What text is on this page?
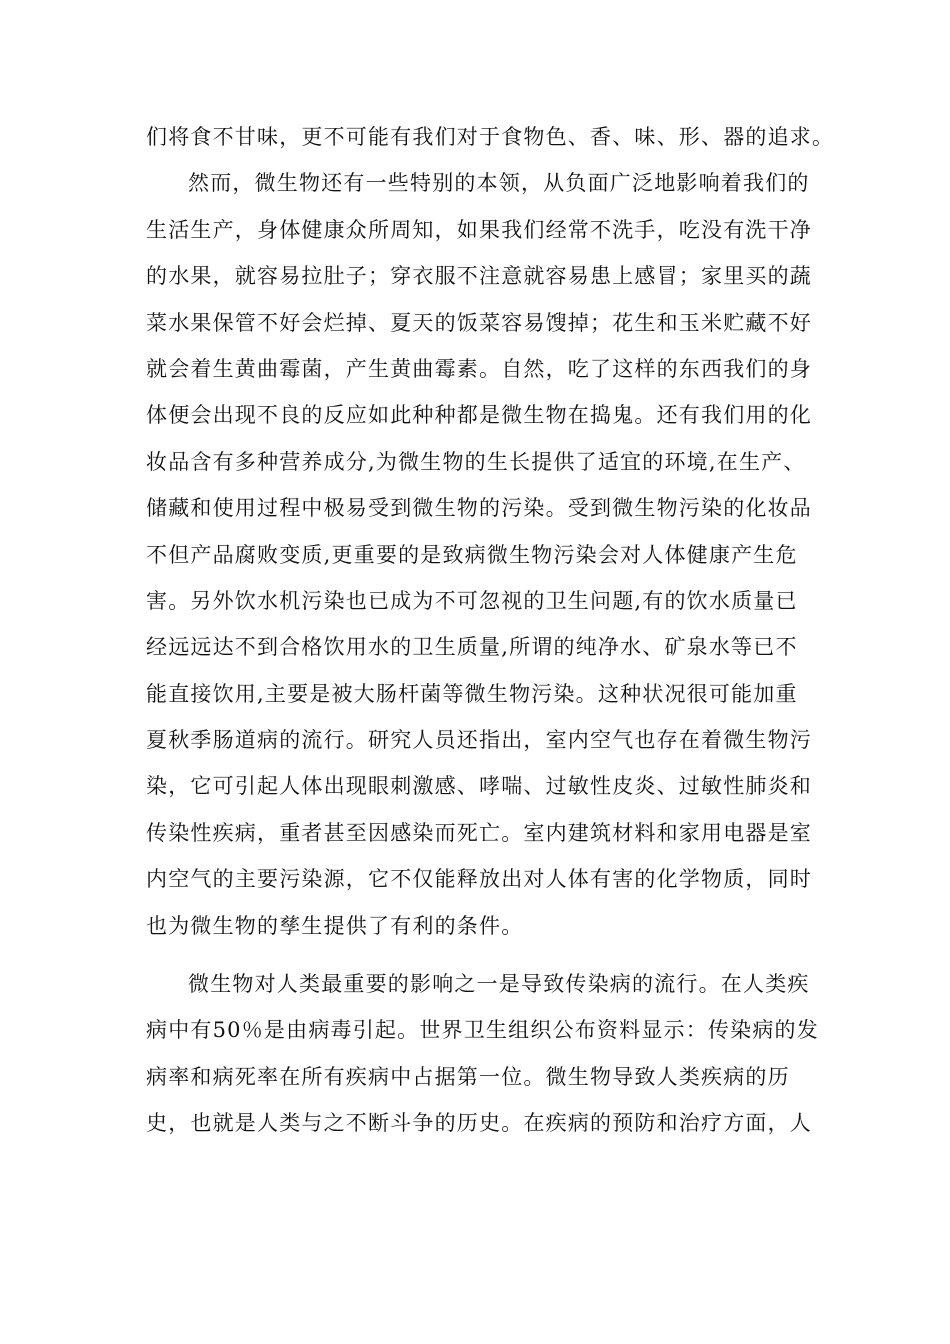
们将食不甘味，更不可能有我们对于食物色、香、味、形、器的追求。
然而，微生物还有一些特别的本领，从负面广泛地影响着我们的
生活生产，身体健康众所周知，如果我们经常不洗手，吃没有洗干净
的水果，就容易拉肚子；穿衣服不注意就容易患上感冒；家里买的蔬
菜水果保管不好会烂掉、夏天的饭菜容易馊掉；花生和玉米贮藏不好
就会着生黄曲霉菌，产生黄曲霉素。自然，吃了这样的东西我们的身
体便会出现不良的反应如此种种都是微生物在捣鬼。还有我们用的化
妆品含有多种营养成分,为微生物的生长提供了适宜的环境,在生产、
储藏和使用过程中极易受到微生物的污染。受到微生物污染的化妆品
不但产品腐败变质,更重要的是致病微生物污染会对人体健康产生危
害。另外饮水机污染也已成为不可忽视的卫生问题,有的饮水质量已
经远远达不到合格饮用水的卫生质量,所谓的纯净水、矿泉水等已不
能直接饮用,主要是被大肠杆菌等微生物污染。这种状况很可能加重
夏秋季肠道病的流行。研究人员还指出，室内空气也存在着微生物污
染，它可引起人体出现眼刺激感、哮喘、过敏性皮炎、过敏性肺炎和
传染性疾病，重者甚至因感染而死亡。室内建筑材料和家用电器是室
内空气的主要污染源，它不仅能释放出对人体有害的化学物质，同时
也为微生物的孳生提供了有利的条件。
微生物对人类最重要的影响之一是导致传染病的流行。在人类疾
病中有50％是由病毒引起。世界卫生组织公布资料显示：传染病的发
病率和病死率在所有疾病中占据第一位。微生物导致人类疾病的历
史，也就是人类与之不断斗争的历史。在疾病的预防和治疗方面，人
